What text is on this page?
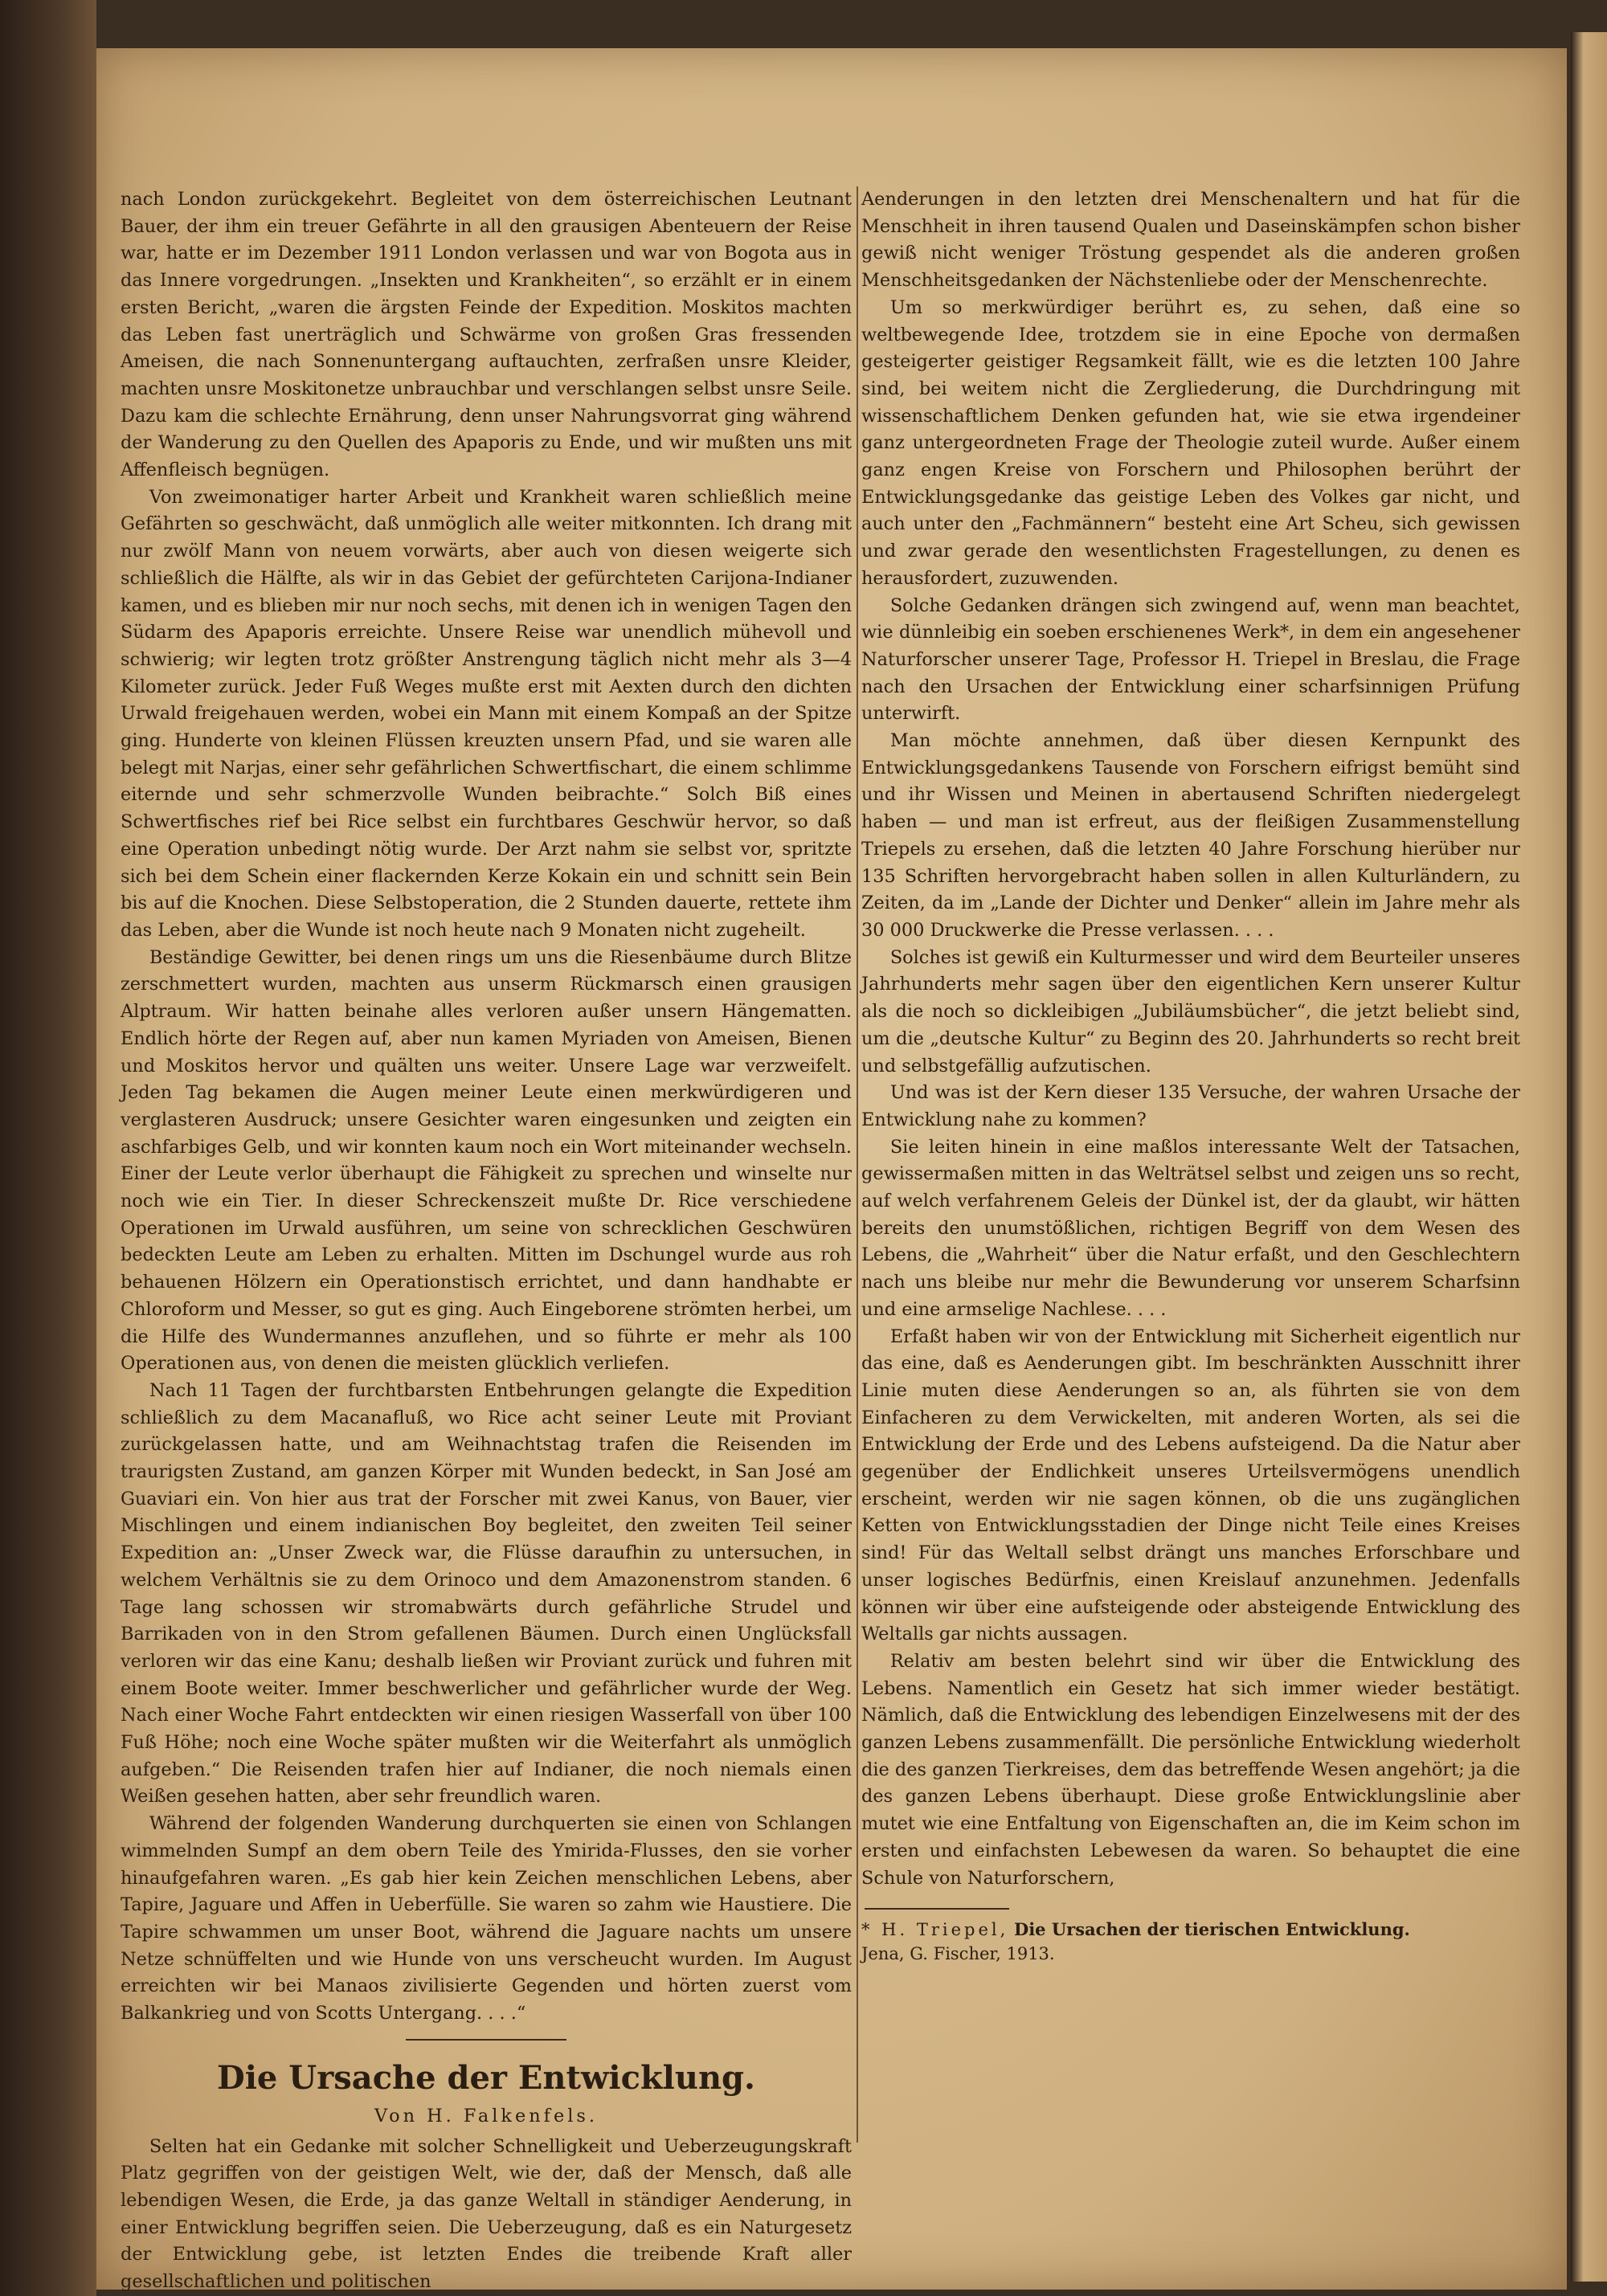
nach London zurückgekehrt. Begleitet von dem österreichischen Leutnant Bauer, der ihm ein treuer Gefährte in all den grausigen Abenteuern der Reise war, hatte er im Dezember 1911 London verlassen und war von Bogota aus in das Innere vorgedrungen. „Insekten und Krankheiten“, so erzählt er in einem ersten Bericht, „waren die ärgsten Feinde der Expedition. Moskitos machten das Leben fast unerträglich und Schwärme von großen Gras fressenden Ameisen, die nach Sonnenuntergang auftauchten, zerfraßen unsre Kleider, machten unsre Moskitonetze unbrauchbar und verschlangen selbst unsre Seile. Dazu kam die schlechte Ernährung, denn unser Nahrungsvorrat ging während der Wanderung zu den Quellen des Apaporis zu Ende, und wir mußten uns mit Affenfleisch begnügen.

Von zweimonatiger harter Arbeit und Krankheit waren schließlich meine Gefährten so geschwächt, daß unmöglich alle weiter mitkonnten. Ich drang mit nur zwölf Mann von neuem vorwärts, aber auch von diesen weigerte sich schließlich die Hälfte, als wir in das Gebiet der gefürchteten Carijona-Indianer kamen, und es blieben mir nur noch sechs, mit denen ich in wenigen Tagen den Südarm des Apaporis erreichte. Unsere Reise war unendlich mühevoll und schwierig; wir legten trotz größter Anstrengung täglich nicht mehr als 3—4 Kilometer zurück. Jeder Fuß Weges mußte erst mit Aexten durch den dichten Urwald freigehauen werden, wobei ein Mann mit einem Kompaß an der Spitze ging. Hunderte von kleinen Flüssen kreuzten unsern Pfad, und sie waren alle belegt mit Narjas, einer sehr gefährlichen Schwertfischart, die einem schlimme eiternde und sehr schmerzvolle Wunden beibrachte.“ Solch Biß eines Schwertfisches rief bei Rice selbst ein furchtbares Geschwür hervor, so daß eine Operation unbedingt nötig wurde. Der Arzt nahm sie selbst vor, spritzte sich bei dem Schein einer flackernden Kerze Kokain ein und schnitt sein Bein bis auf die Knochen. Diese Selbstoperation, die 2 Stunden dauerte, rettete ihm das Leben, aber die Wunde ist noch heute nach 9 Monaten nicht zugeheilt.

Beständige Gewitter, bei denen rings um uns die Riesenbäume durch Blitze zerschmettert wurden, machten aus unserm Rückmarsch einen grausigen Alptraum. Wir hatten beinahe alles verloren außer unsern Hängematten. Endlich hörte der Regen auf, aber nun kamen Myriaden von Ameisen, Bienen und Moskitos hervor und quälten uns weiter. Unsere Lage war verzweifelt. Jeden Tag bekamen die Augen meiner Leute einen merkwürdigeren und verglasteren Ausdruck; unsere Gesichter waren eingesunken und zeigten ein aschfarbiges Gelb, und wir konnten kaum noch ein Wort miteinander wechseln. Einer der Leute verlor überhaupt die Fähigkeit zu sprechen und winselte nur noch wie ein Tier. In dieser Schreckenszeit mußte Dr. Rice verschiedene Operationen im Urwald ausführen, um seine von schrecklichen Geschwüren bedeckten Leute am Leben zu erhalten. Mitten im Dschungel wurde aus roh behauenen Hölzern ein Operationstisch errichtet, und dann handhabte er Chloroform und Messer, so gut es ging. Auch Eingeborene strömten herbei, um die Hilfe des Wundermannes anzuflehen, und so führte er mehr als 100 Operationen aus, von denen die meisten glücklich verliefen.

Nach 11 Tagen der furchtbarsten Entbehrungen gelangte die Expedition schließlich zu dem Macanafluß, wo Rice acht seiner Leute mit Proviant zurückgelassen hatte, und am Weihnachtstag trafen die Reisenden im traurigsten Zustand, am ganzen Körper mit Wunden bedeckt, in San José am Guaviari ein. Von hier aus trat der Forscher mit zwei Kanus, von Bauer, vier Mischlingen und einem indianischen Boy begleitet, den zweiten Teil seiner Expedition an: „Unser Zweck war, die Flüsse daraufhin zu untersuchen, in welchem Verhältnis sie zu dem Orinoco und dem Amazonenstrom standen. 6 Tage lang schossen wir stromabwärts durch gefährliche Strudel und Barrikaden von in den Strom gefallenen Bäumen. Durch einen Unglücksfall verloren wir das eine Kanu; deshalb ließen wir Proviant zurück und fuhren mit einem Boote weiter. Immer beschwerlicher und gefährlicher wurde der Weg. Nach einer Woche Fahrt entdeckten wir einen riesigen Wasserfall von über 100 Fuß Höhe; noch eine Woche später mußten wir die Weiterfahrt als unmöglich aufgeben.“ Die Reisenden trafen hier auf Indianer, die noch niemals einen Weißen gesehen hatten, aber sehr freundlich waren.

Während der folgenden Wanderung durchquerten sie einen von Schlangen wimmelnden Sumpf an dem obern Teile des Ymirida-Flusses, den sie vorher hinaufgefahren waren. „Es gab hier kein Zeichen menschlichen Lebens, aber Tapire, Jaguare und Affen in Ueberfülle. Sie waren so zahm wie Haustiere. Die Tapire schwammen um unser Boot, während die Jaguare nachts um unsere Netze schnüffelten und wie Hunde von uns verscheucht wurden. Im August erreichten wir bei Manaos zivilisierte Gegenden und hörten zuerst vom Balkankrieg und von Scotts Untergang. . . .“

Die Ursache der Entwicklung.
Von H. Falkenfels.

Selten hat ein Gedanke mit solcher Schnelligkeit und Ueberzeugungskraft Platz gegriffen von der geistigen Welt, wie der, daß der Mensch, daß alle lebendigen Wesen, die Erde, ja das ganze Weltall in ständiger Aenderung, in einer Entwicklung begriffen seien. Die Ueberzeugung, daß es ein Naturgesetz der Entwicklung gebe, ist letzten Endes die treibende Kraft aller gesellschaftlichen und politischen

Aenderungen in den letzten drei Menschenaltern und hat für die Menschheit in ihren tausend Qualen und Daseinskämpfen schon bisher gewiß nicht weniger Tröstung gespendet als die anderen großen Menschheitsgedanken der Nächstenliebe oder der Menschenrechte.

Um so merkwürdiger berührt es, zu sehen, daß eine so weltbewegende Idee, trotzdem sie in eine Epoche von dermaßen gesteigerter geistiger Regsamkeit fällt, wie es die letzten 100 Jahre sind, bei weitem nicht die Zergliederung, die Durchdringung mit wissenschaftlichem Denken gefunden hat, wie sie etwa irgendeiner ganz untergeordneten Frage der Theologie zuteil wurde. Außer einem ganz engen Kreise von Forschern und Philosophen berührt der Entwicklungsgedanke das geistige Leben des Volkes gar nicht, und auch unter den „Fachmännern“ besteht eine Art Scheu, sich gewissen und zwar gerade den wesentlichsten Fragestellungen, zu denen es herausfordert, zuzuwenden.

Solche Gedanken drängen sich zwingend auf, wenn man beachtet, wie dünnleibig ein soeben erschienenes Werk*, in dem ein angesehener Naturforscher unserer Tage, Professor H. Triepel in Breslau, die Frage nach den Ursachen der Entwicklung einer scharfsinnigen Prüfung unterwirft.

Man möchte annehmen, daß über diesen Kernpunkt des Entwicklungsgedankens Tausende von Forschern eifrigst bemüht sind und ihr Wissen und Meinen in abertausend Schriften niedergelegt haben — und man ist erfreut, aus der fleißigen Zusammenstellung Triepels zu ersehen, daß die letzten 40 Jahre Forschung hierüber nur 135 Schriften hervorgebracht haben sollen in allen Kulturländern, zu Zeiten, da im „Lande der Dichter und Denker“ allein im Jahre mehr als 30 000 Druckwerke die Presse verlassen. . . .

Solches ist gewiß ein Kulturmesser und wird dem Beurteiler unseres Jahrhunderts mehr sagen über den eigentlichen Kern unserer Kultur als die noch so dickleibigen „Jubiläumsbücher“, die jetzt beliebt sind, um die „deutsche Kultur“ zu Beginn des 20. Jahrhunderts so recht breit und selbstgefällig aufzutischen.

Und was ist der Kern dieser 135 Versuche, der wahren Ursache der Entwicklung nahe zu kommen?

Sie leiten hinein in eine maßlos interessante Welt der Tatsachen, gewissermaßen mitten in das Welträtsel selbst und zeigen uns so recht, auf welch verfahrenem Geleis der Dünkel ist, der da glaubt, wir hätten bereits den unumstößlichen, richtigen Begriff von dem Wesen des Lebens, die „Wahrheit“ über die Natur erfaßt, und den Geschlechtern nach uns bleibe nur mehr die Bewunderung vor unserem Scharfsinn und eine armselige Nachlese. . . .

Erfaßt haben wir von der Entwicklung mit Sicherheit eigentlich nur das eine, daß es Aenderungen gibt. Im beschränkten Ausschnitt ihrer Linie muten diese Aenderungen so an, als führten sie von dem Einfacheren zu dem Verwickelten, mit anderen Worten, als sei die Entwicklung der Erde und des Lebens aufsteigend. Da die Natur aber gegenüber der Endlichkeit unseres Urteilsvermögens unendlich erscheint, werden wir nie sagen können, ob die uns zugänglichen Ketten von Entwicklungsstadien der Dinge nicht Teile eines Kreises sind! Für das Weltall selbst drängt uns manches Erforschbare und unser logisches Bedürfnis, einen Kreislauf anzunehmen. Jedenfalls können wir über eine aufsteigende oder absteigende Entwicklung des Weltalls gar nichts aussagen.

Relativ am besten belehrt sind wir über die Entwicklung des Lebens. Namentlich ein Gesetz hat sich immer wieder bestätigt. Nämlich, daß die Entwicklung des lebendigen Einzelwesens mit der des ganzen Lebens zusammenfällt. Die persönliche Entwicklung wiederholt die des ganzen Tierkreises, dem das betreffende Wesen angehört; ja die des ganzen Lebens überhaupt. Diese große Entwicklungslinie aber mutet wie eine Entfaltung von Eigenschaften an, die im Keim schon im ersten und einfachsten Lebewesen da waren. So behauptet die eine Schule von Naturforschern,

* H. Triepel, Die Ursachen der tierischen Entwicklung.
Jena, G. Fischer, 1913.
